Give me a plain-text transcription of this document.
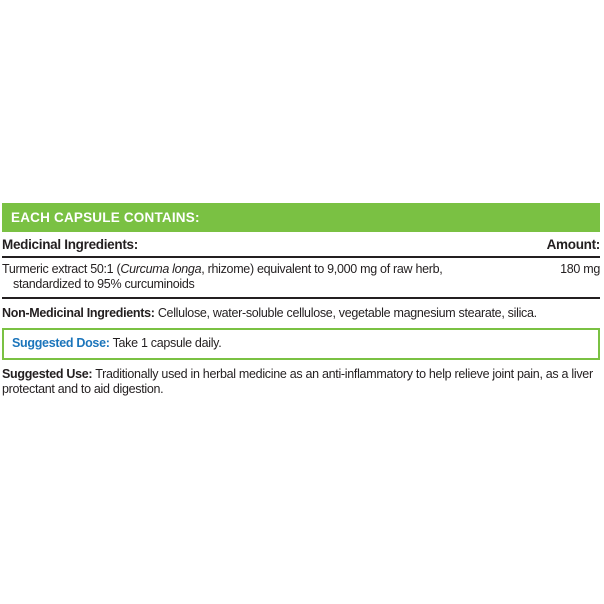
EACH CAPSULE CONTAINS:
Medicinal Ingredients:	Amount:
Turmeric extract 50:1 (Curcuma longa, rhizome) equivalent to 9,000 mg of raw herb,
standardized to 95% curcuminoids
180 mg
Non-Medicinal Ingredients: Cellulose, water-soluble cellulose, vegetable magnesium stearate, silica.
Suggested Dose: Take 1 capsule daily.
Suggested Use: Traditionally used in herbal medicine as an anti-inflammatory to help relieve joint pain, as a liver protectant and to aid digestion.
